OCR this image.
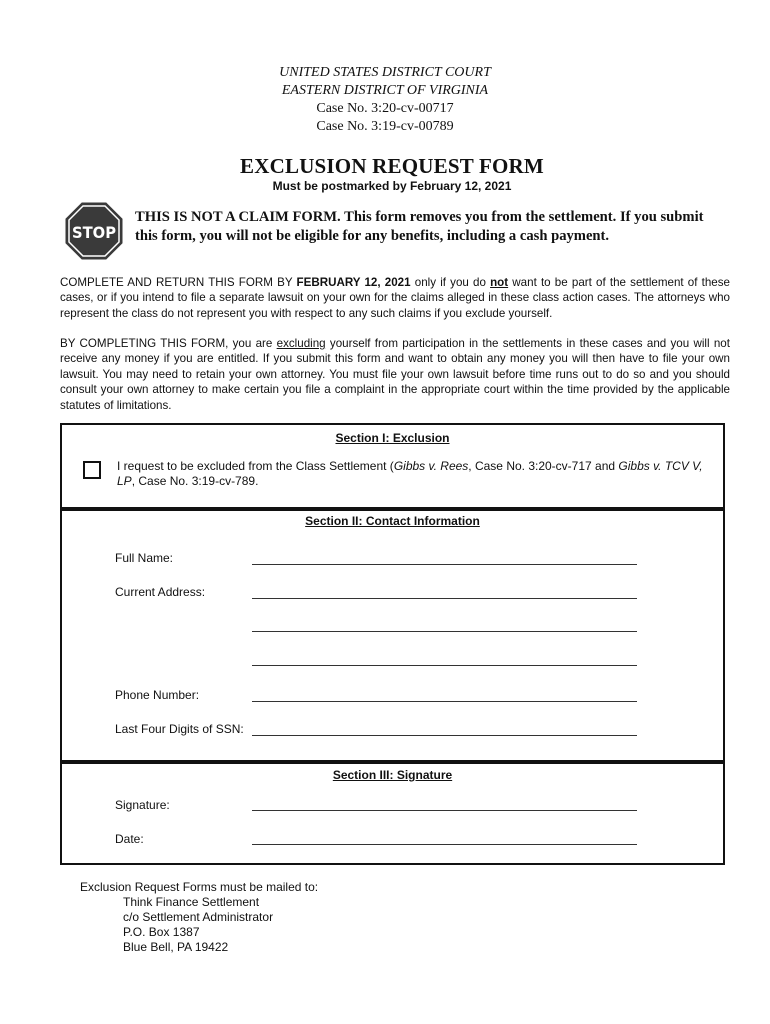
UNITED STATES DISTRICT COURT
EASTERN DISTRICT OF VIRGINIA
Case No. 3:20-cv-00717
Case No. 3:19-cv-00789
EXCLUSION REQUEST FORM
Must be postmarked by February 12, 2021
STOP
THIS IS NOT A CLAIM FORM. This form removes you from the settlement. If you submit
this form, you will not be eligible for any benefits, including a cash payment.
COMPLETE AND RETURN THIS FORM BY FEBRUARY 12, 2021 only if you do not want to be part of the settlement of these cases, or if you intend to file a separate lawsuit on your own for the claims alleged in these class action cases. The attorneys who represent the class do not represent you with respect to any such claims if you exclude yourself.
BY COMPLETING THIS FORM, you are excluding yourself from participation in the settlements in these cases and you will not receive any money if you are entitled. If you submit this form and want to obtain any money you will then have to file your own lawsuit. You may need to retain your own attorney. You must file your own lawsuit before time runs out to do so and you should consult your own attorney to make certain you file a complaint in the appropriate court within the time provided by the applicable statutes of limitations.
Section I: Exclusion
I request to be excluded from the Class Settlement (Gibbs v. Rees, Case No. 3:20-cv-717 and Gibbs v. TCV V, LP, Case No. 3:19-cv-789.
Section II: Contact Information
Full Name:
Current Address:
Phone Number:
Last Four Digits of SSN:
Section III: Signature
Signature:
Date:
Exclusion Request Forms must be mailed to:
Think Finance Settlement
c/o Settlement Administrator
P.O. Box 1387
Blue Bell, PA 19422
